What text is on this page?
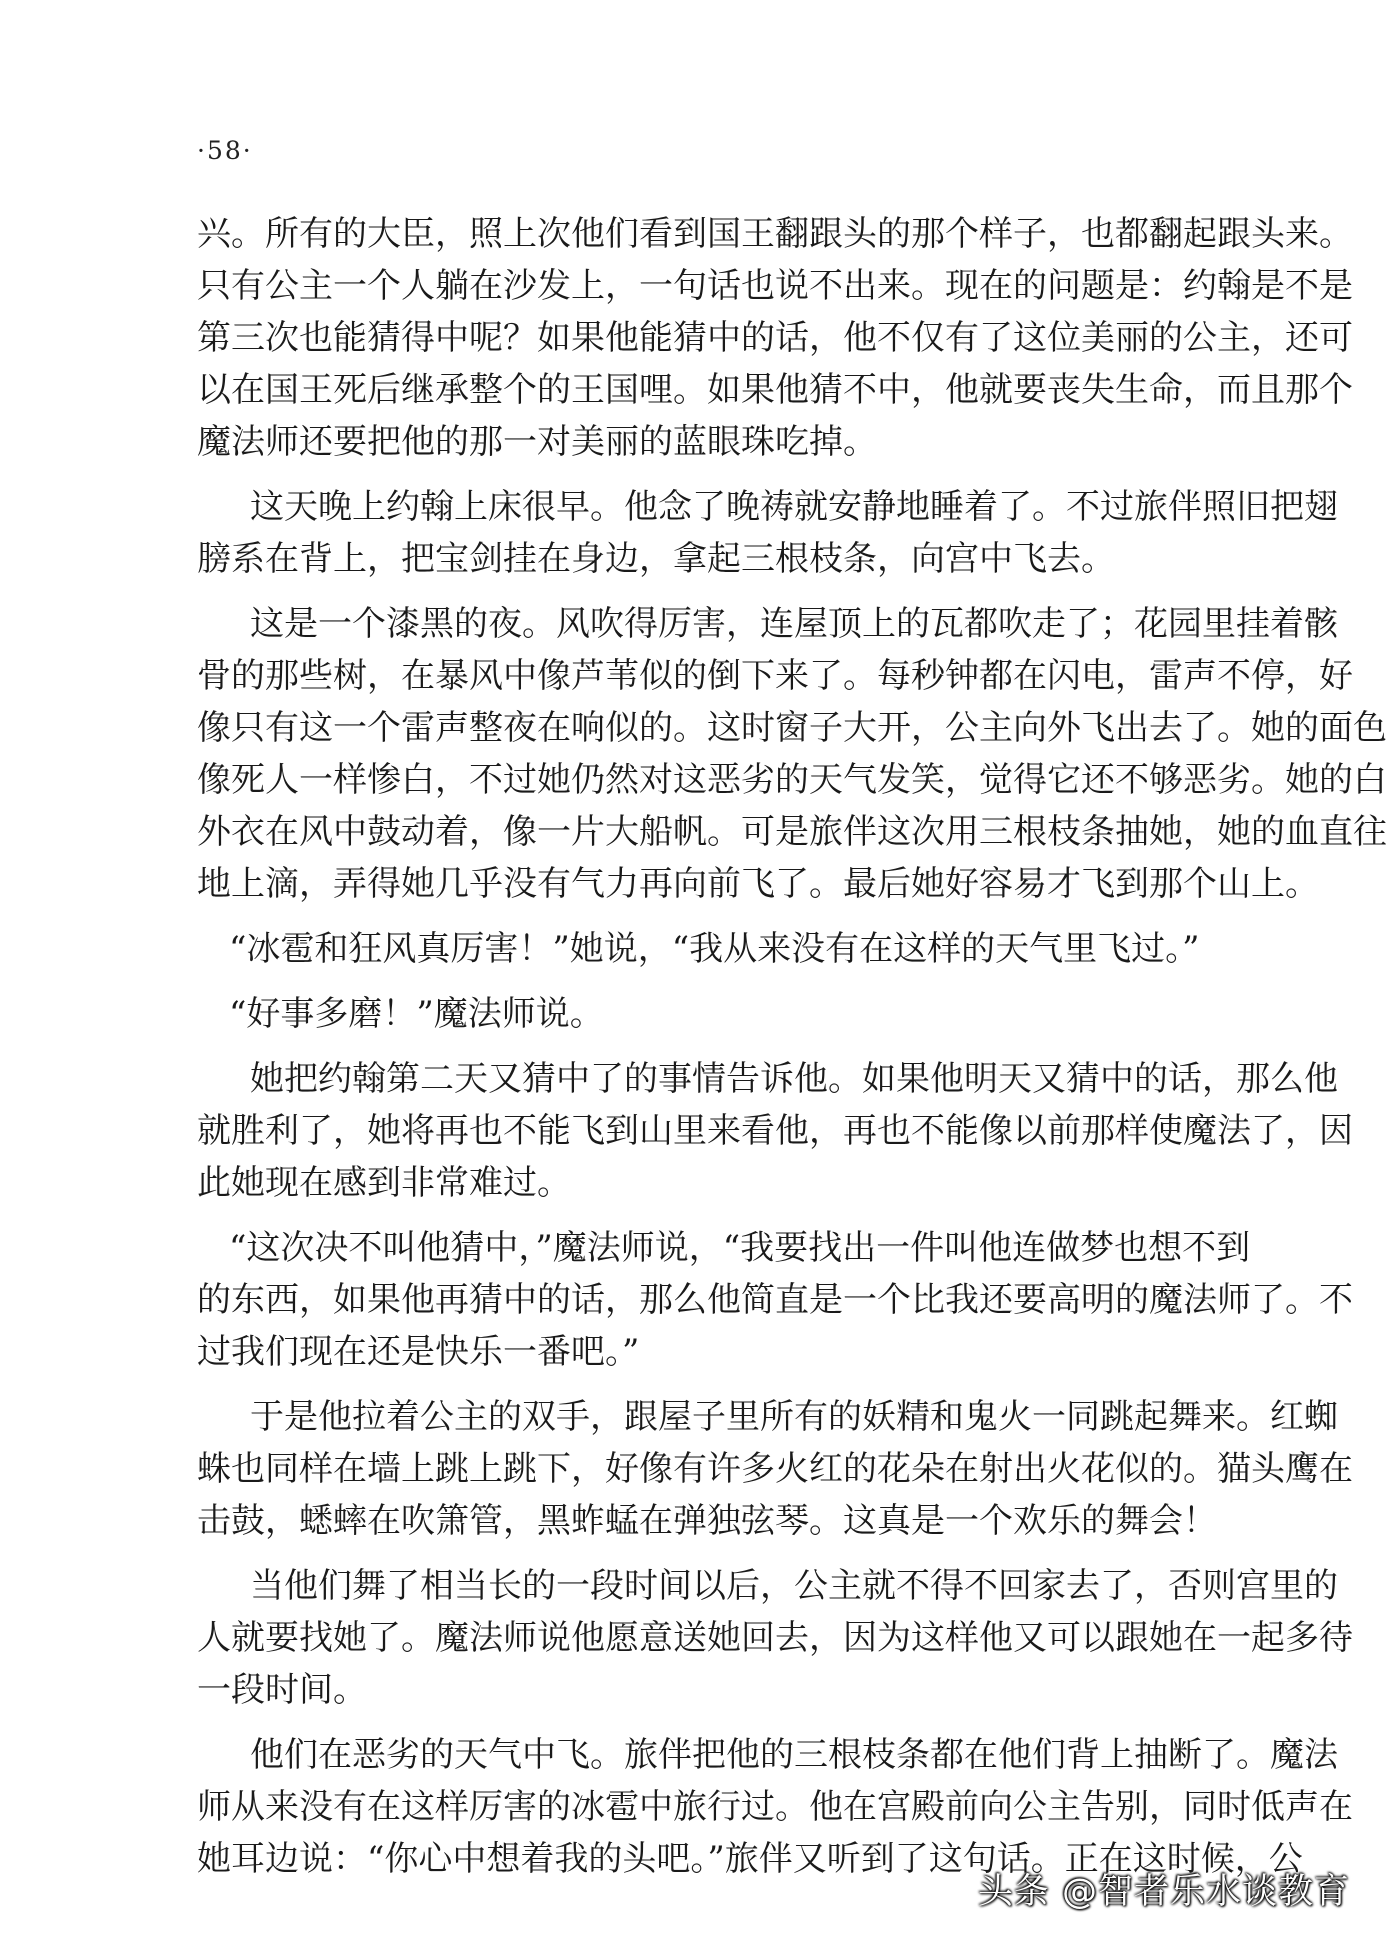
·58·
兴。所有的大臣，照上次他们看到国王翻跟头的那个样子，也都翻起跟头来。
只有公主一个人躺在沙发上，一句话也说不出来。现在的问题是：约翰是不是
第三次也能猜得中呢？如果他能猜中的话，他不仅有了这位美丽的公主，还可
以在国王死后继承整个的王国哩。如果他猜不中，他就要丧失生命，而且那个
魔法师还要把他的那一对美丽的蓝眼珠吃掉。
这天晚上约翰上床很早。他念了晚祷就安静地睡着了。不过旅伴照旧把翅
膀系在背上，把宝剑挂在身边，拿起三根枝条，向宫中飞去。
这是一个漆黑的夜。风吹得厉害，连屋顶上的瓦都吹走了；花园里挂着骸
骨的那些树，在暴风中像芦苇似的倒下来了。每秒钟都在闪电，雷声不停，好
像只有这一个雷声整夜在响似的。这时窗子大开，公主向外飞出去了。她的面色
像死人一样惨白，不过她仍然对这恶劣的天气发笑，觉得它还不够恶劣。她的白
外衣在风中鼓动着，像一片大船帆。可是旅伴这次用三根枝条抽她，她的血直往
地上滴，弄得她几乎没有气力再向前飞了。最后她好容易才飞到那个山上。
“冰雹和狂风真厉害！”她说，“我从来没有在这样的天气里飞过。”
“好事多磨！”魔法师说。
她把约翰第二天又猜中了的事情告诉他。如果他明天又猜中的话，那么他
就胜利了，她将再也不能飞到山里来看他，再也不能像以前那样使魔法了，因
此她现在感到非常难过。
“这次决不叫他猜中，”魔法师说，“我要找出一件叫他连做梦也想不到
的东西，如果他再猜中的话，那么他简直是一个比我还要高明的魔法师了。不
过我们现在还是快乐一番吧。”
于是他拉着公主的双手，跟屋子里所有的妖精和鬼火一同跳起舞来。红蜘
蛛也同样在墙上跳上跳下，好像有许多火红的花朵在射出火花似的。猫头鹰在
击鼓，蟋蟀在吹箫管，黑蚱蜢在弹独弦琴。这真是一个欢乐的舞会！
当他们舞了相当长的一段时间以后，公主就不得不回家去了，否则宫里的
人就要找她了。魔法师说他愿意送她回去，因为这样他又可以跟她在一起多待
一段时间。
他们在恶劣的天气中飞。旅伴把他的三根枝条都在他们背上抽断了。魔法
师从来没有在这样厉害的冰雹中旅行过。他在宫殿前向公主告别，同时低声在
她耳边说：“你心中想着我的头吧。”旅伴又听到了这句话。正在这时候，公
头条 @智者乐水谈教育
